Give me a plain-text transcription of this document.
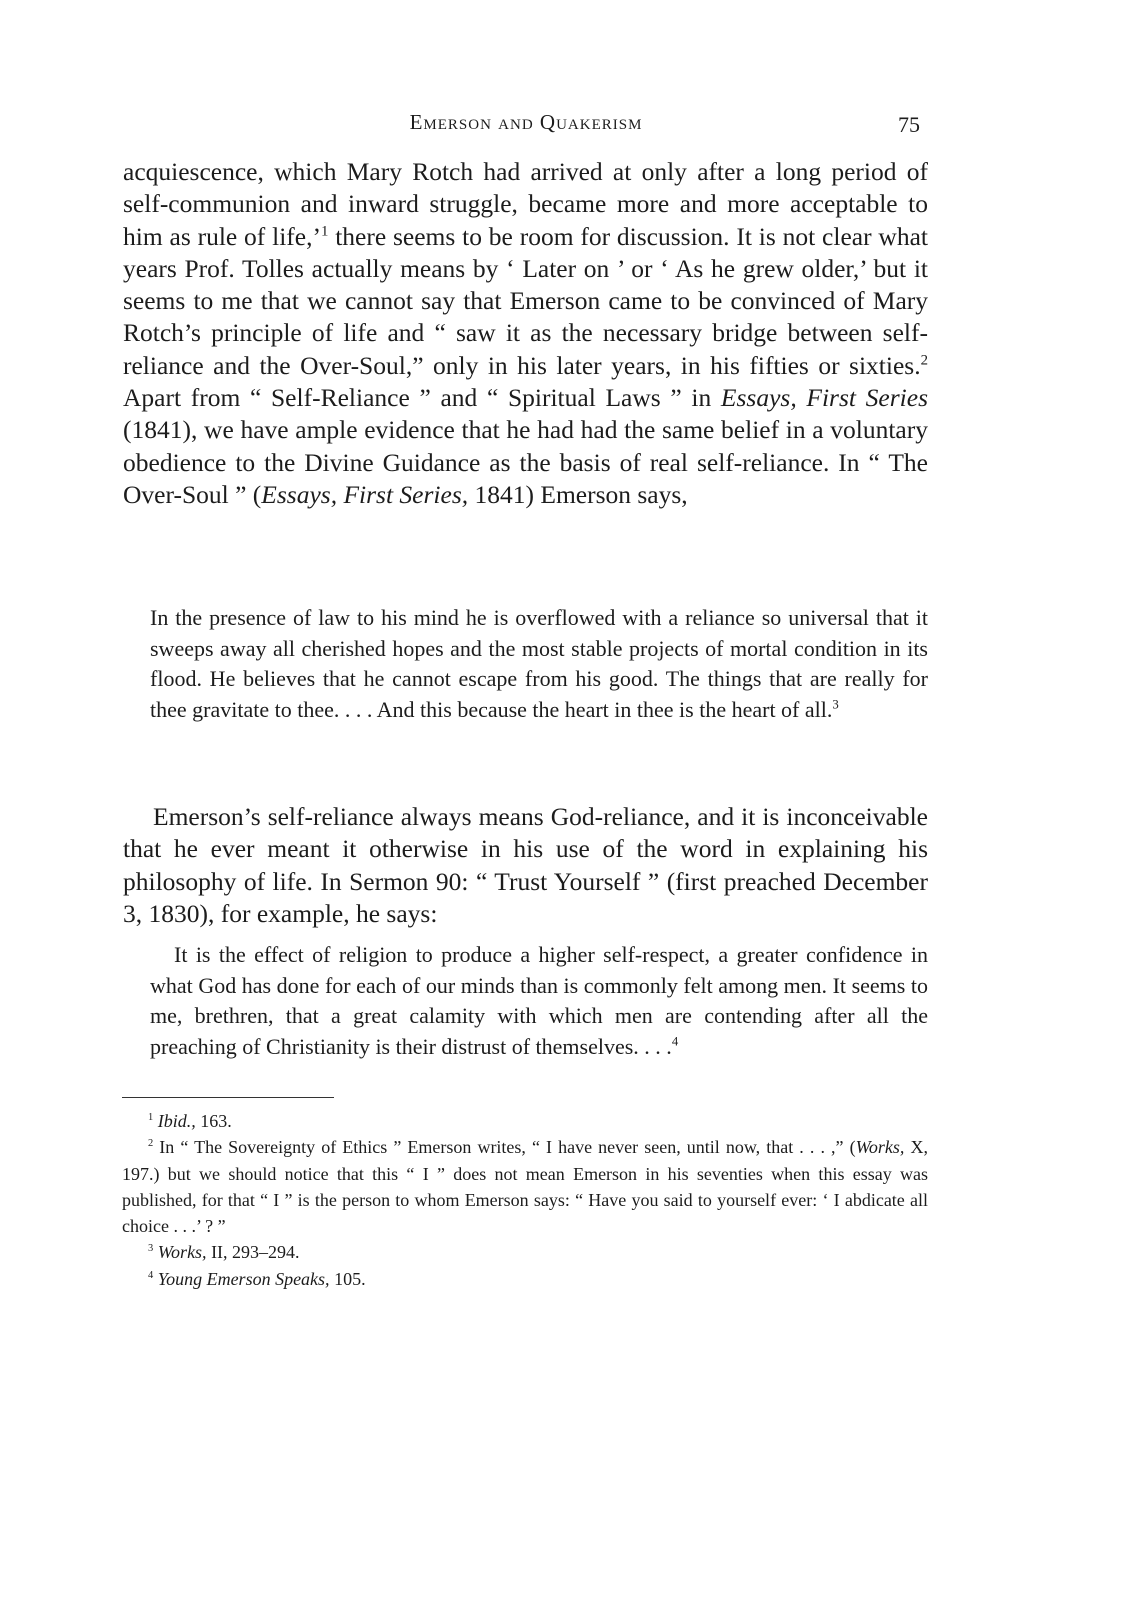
Emerson and Quakerism	75

acquiescence, which Mary Rotch had arrived at only after a long period of self-communion and inward struggle, became more and more acceptable to him as rule of life,’$^1$ there seems to be room for discussion. It is not clear what years Prof. Tolles actually means by ‘ Later on ’ or ‘ As he grew older,’ but it seems to me that we cannot say that Emerson came to be convinced of Mary Rotch’s principle of life and “ saw it as the necessary bridge between self-reliance and the Over-Soul,” only in his later years, in his fifties or sixties.$^2$ Apart from “ Self-Reliance ” and “ Spiritual Laws ” in Essays, First Series (1841), we have ample evidence that he had had the same belief in a voluntary obedience to the Divine Guidance as the basis of real self-reliance. In “ The Over-Soul ” (Essays, First Series, 1841) Emerson says,

In the presence of law to his mind he is overflowed with a reliance so universal that it sweeps away all cherished hopes and the most stable projects of mortal condition in its flood. He believes that he cannot escape from his good. The things that are really for thee gravitate to thee. . . . And this because the heart in thee is the heart of all.$^3$

Emerson’s self-reliance always means God-reliance, and it is inconceivable that he ever meant it otherwise in his use of the word in explaining his philosophy of life. In Sermon 90: “ Trust Yourself ” (first preached December 3, 1830), for example, he says:

It is the effect of religion to produce a higher self-respect, a greater confidence in what God has done for each of our minds than is commonly felt among men. It seems to me, brethren, that a great calamity with which men are contending after all the preaching of Christianity is their distrust of themselves. . . .$^4$

$^1$ Ibid., 163.

$^2$ In “ The Sovereignty of Ethics ” Emerson writes, “ I have never seen, until now, that . . . ,” (Works, X, 197.) but we should notice that this “ I ” does not mean Emerson in his seventies when this essay was published, for that “ I ” is the person to whom Emerson says: “ Have you said to yourself ever: ‘ I abdicate all choice . . .’ ? ”

$^3$ Works, II, 293–294.

$^4$ Young Emerson Speaks, 105.
